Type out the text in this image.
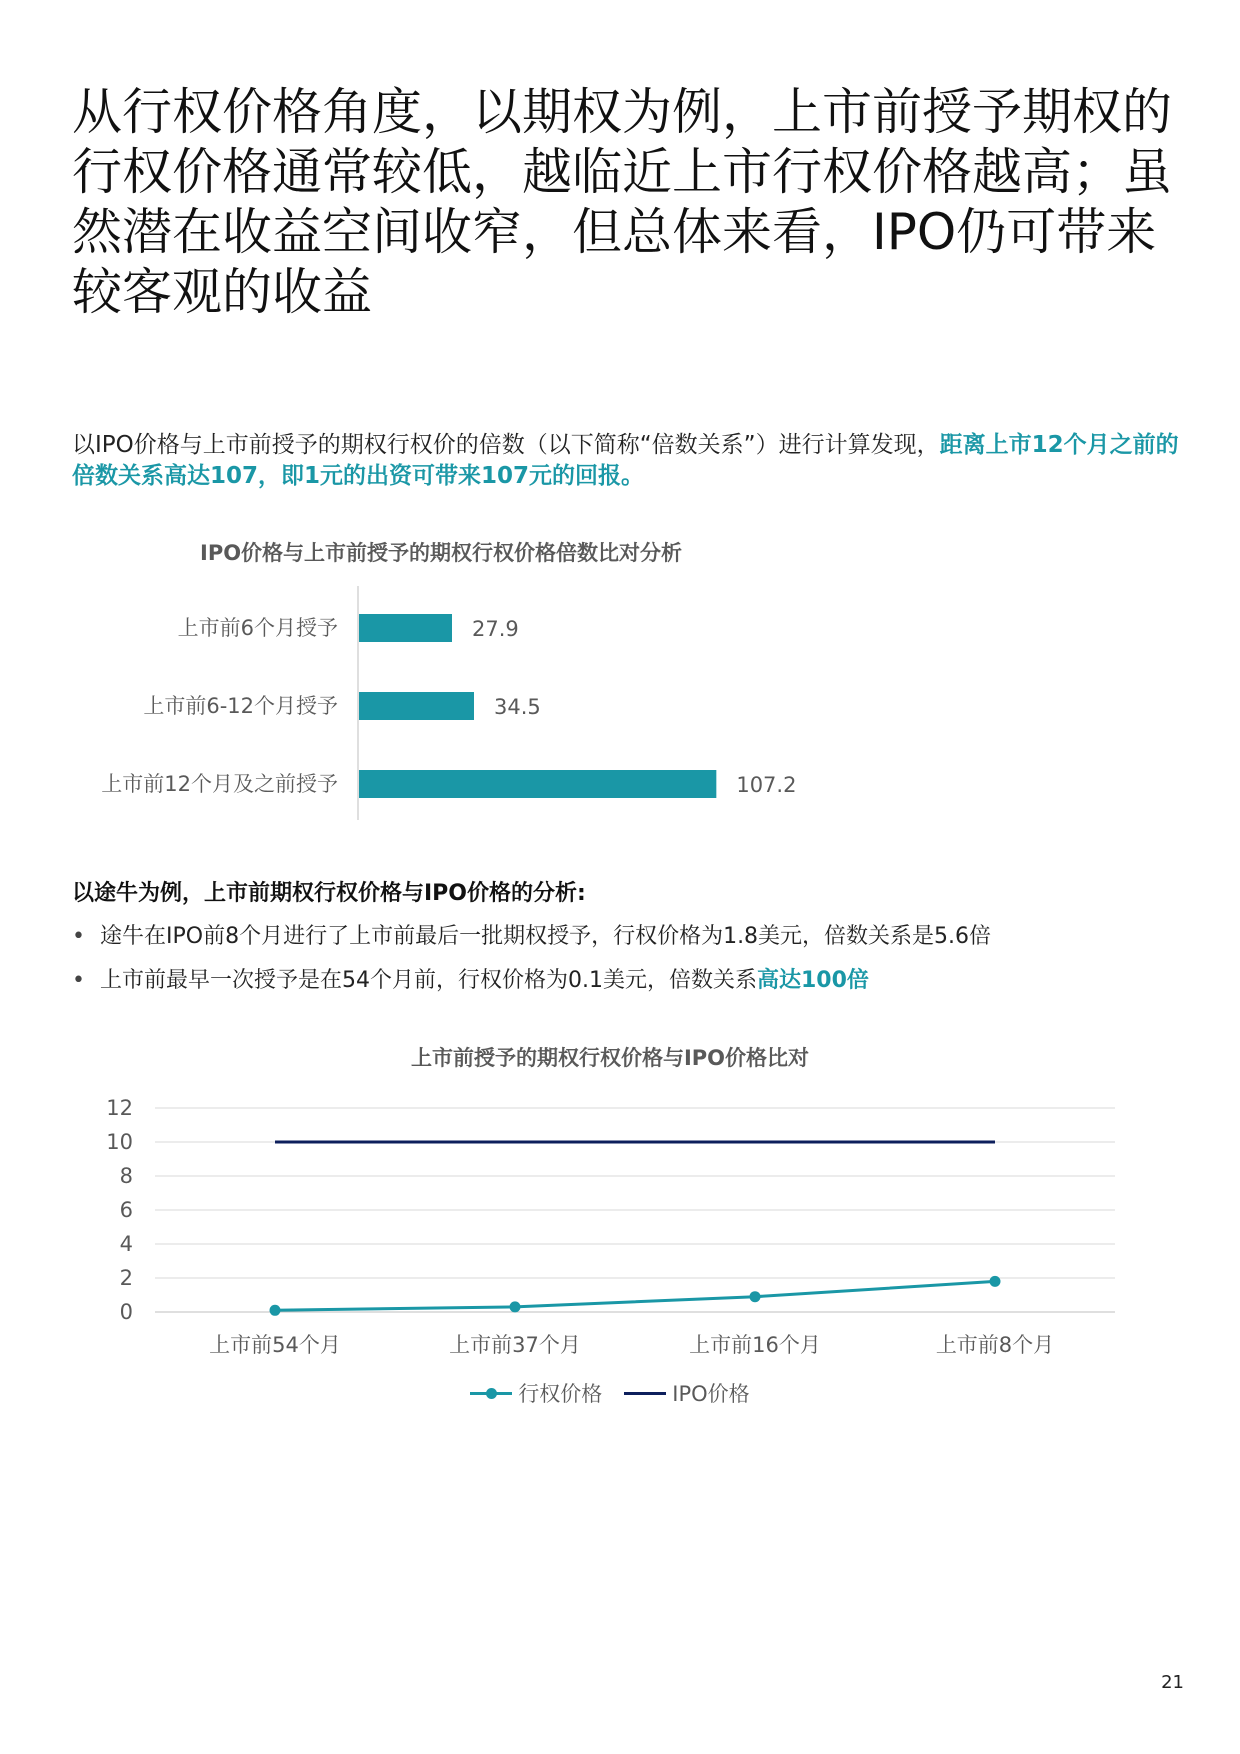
从行权价格角度，以期权为例，上市前授予期权的行权价格通常较低，越临近上市行权价格越高；虽然潜在收益空间收窄，但总体来看，IPO仍可带来较客观的收益

以IPO价格与上市前授予的期权行权价的倍数（以下简称“倍数关系”）进行计算发现，距离上市12个月之前的倍数关系高达107，即1元的出资可带来107元的回报。

IPO价格与上市前授予的期权行权价格倍数比对分析
上市前6个月授予	27.9
上市前6-12个月授予	34.5
上市前12个月及之前授予	107.2
以途牛为例，上市前期权行权价格与IPO价格的分析:
• 途牛在IPO前8个月进行了上市前最后一批期权授予，行权价格为1.8美元，倍数关系是5.6倍
• 上市前最早一次授予是在54个月前，行权价格为0.1美元，倍数关系高达100倍
上市前授予的期权行权价格与IPO价格比对
0
2
4
6
8
10
12
上市前54个月	上市前37个月	上市前16个月	上市前8个月
行权价格	IPO价格
21
